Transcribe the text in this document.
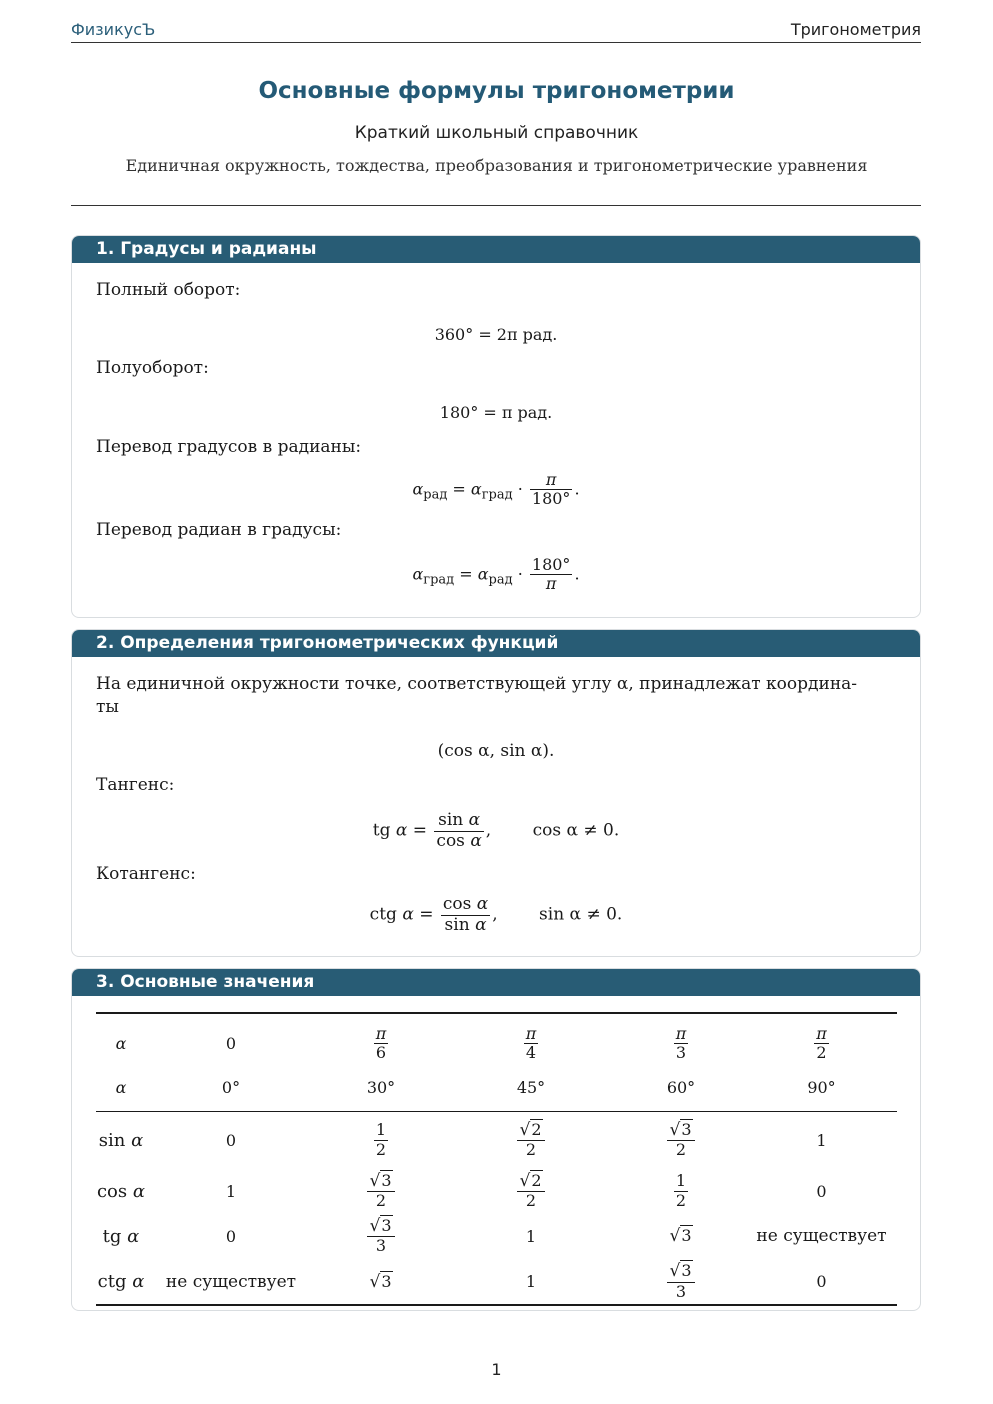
ФизикусЪ	Тригонометрия
Основные формулы тригонометрии
Краткий школьный справочник
Единичная окружность, тождества, преобразования и тригонометрические уравнения
1. Градусы и радианы
Полный оборот:
360° = 2π рад.
Полуоборот:
180° = π рад.
Перевод градусов в радианы:
$\alpha_{рад} = \alpha_{град} \cdot \frac{\pi}{180^\circ}$ .
Перевод радиан в градусы:
$\alpha_{град} = \alpha_{рад} \cdot \frac{180^\circ}{\pi}$ .
2. Определения тригонометрических функций
На единичной окружности точке, соответствующей углу α, принадлежат координа-
ты
(cos α, sin α).
Тангенс:
tg $\alpha = \frac{\text{sin α}}{\text{cos α}}$ , cos α ≠ 0.
Котангенс:
ctg $\alpha = \frac{\text{cos α}}{\text{sin α}}$ , sin α ≠ 0.
3. Основные значения
α	0	$\frac{\pi}{6}$	$\frac{\pi}{4}$	$\frac{\pi}{3}$	$\frac{\pi}{2}$

α	0°	30°	45°	60°	90°

sin α	0	$\frac{1}{2}$	$\frac{√2}{2}$	$\frac{√3}{2}$	1
cos α	1	$\frac{√3}{2}$	$\frac{√2}{2}$	$\frac{1}{2}$	0
tg α	0	$\frac{√3}{3}$	1	√3	не существует
ctg α	не существует	√3	1	$\frac{√3}{3}$	0
1
